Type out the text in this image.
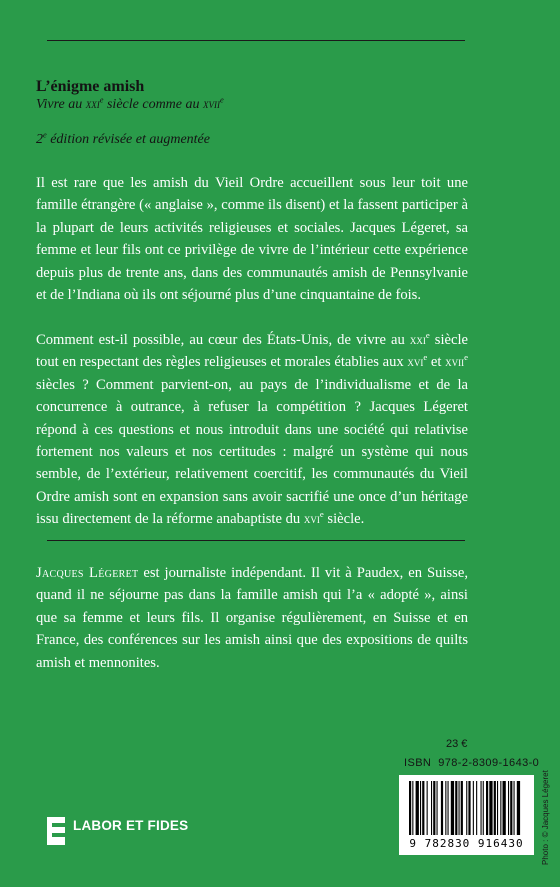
L’énigme amish
Vivre au xxi$^e$ siècle comme au xvii$^e$
2e édition révisée et augmentée

Il est rare que les amish du Vieil Ordre accueillent sous leur toit une famille étrangère (« anglaise », comme ils disent) et la fassent participer à la plupart de leurs activités religieuses et sociales. Jacques Légeret, sa femme et leur fils ont ce privilège de vivre de l’intérieur cette expérience depuis plus de trente ans, dans des communautés amish de Pennsylvanie et de l’Indiana où ils ont séjourné plus d’une cinquantaine de fois.

Comment est-il possible, au cœur des États-Unis, de vivre au xxi$^e$ siècle tout en respectant des règles religieuses et morales établies aux xvi$^e$ et xvii$^e$ siècles ? Comment parvient-on, au pays de l’individualisme et de la concurrence à outrance, à refuser la compétition ? Jacques Légeret répond à ces questions et nous introduit dans une société qui relativise fortement nos valeurs et nos certitudes : malgré un système qui nous semble, de l’extérieur, relativement coercitif, les communautés du Vieil Ordre amish sont en expansion sans avoir sacrifié une once d’un héritage issu directement de la réforme anabaptiste du xvi$^e$ siècle.

Jacques Légeret est journaliste indépendant. Il vit à Paudex, en Suisse, quand il ne séjourne pas dans la famille amish qui l’a « adopté », ainsi que sa femme et leurs fils. Il organise régulièrement, en Suisse et en France, des conférences sur les amish ainsi que des expositions de quilts amish et mennonites.

23 €
ISBN 978-2-8309-1643-0
9 782830 916430
LABOR ET FIDES	Photo : © Jacques Légeret
